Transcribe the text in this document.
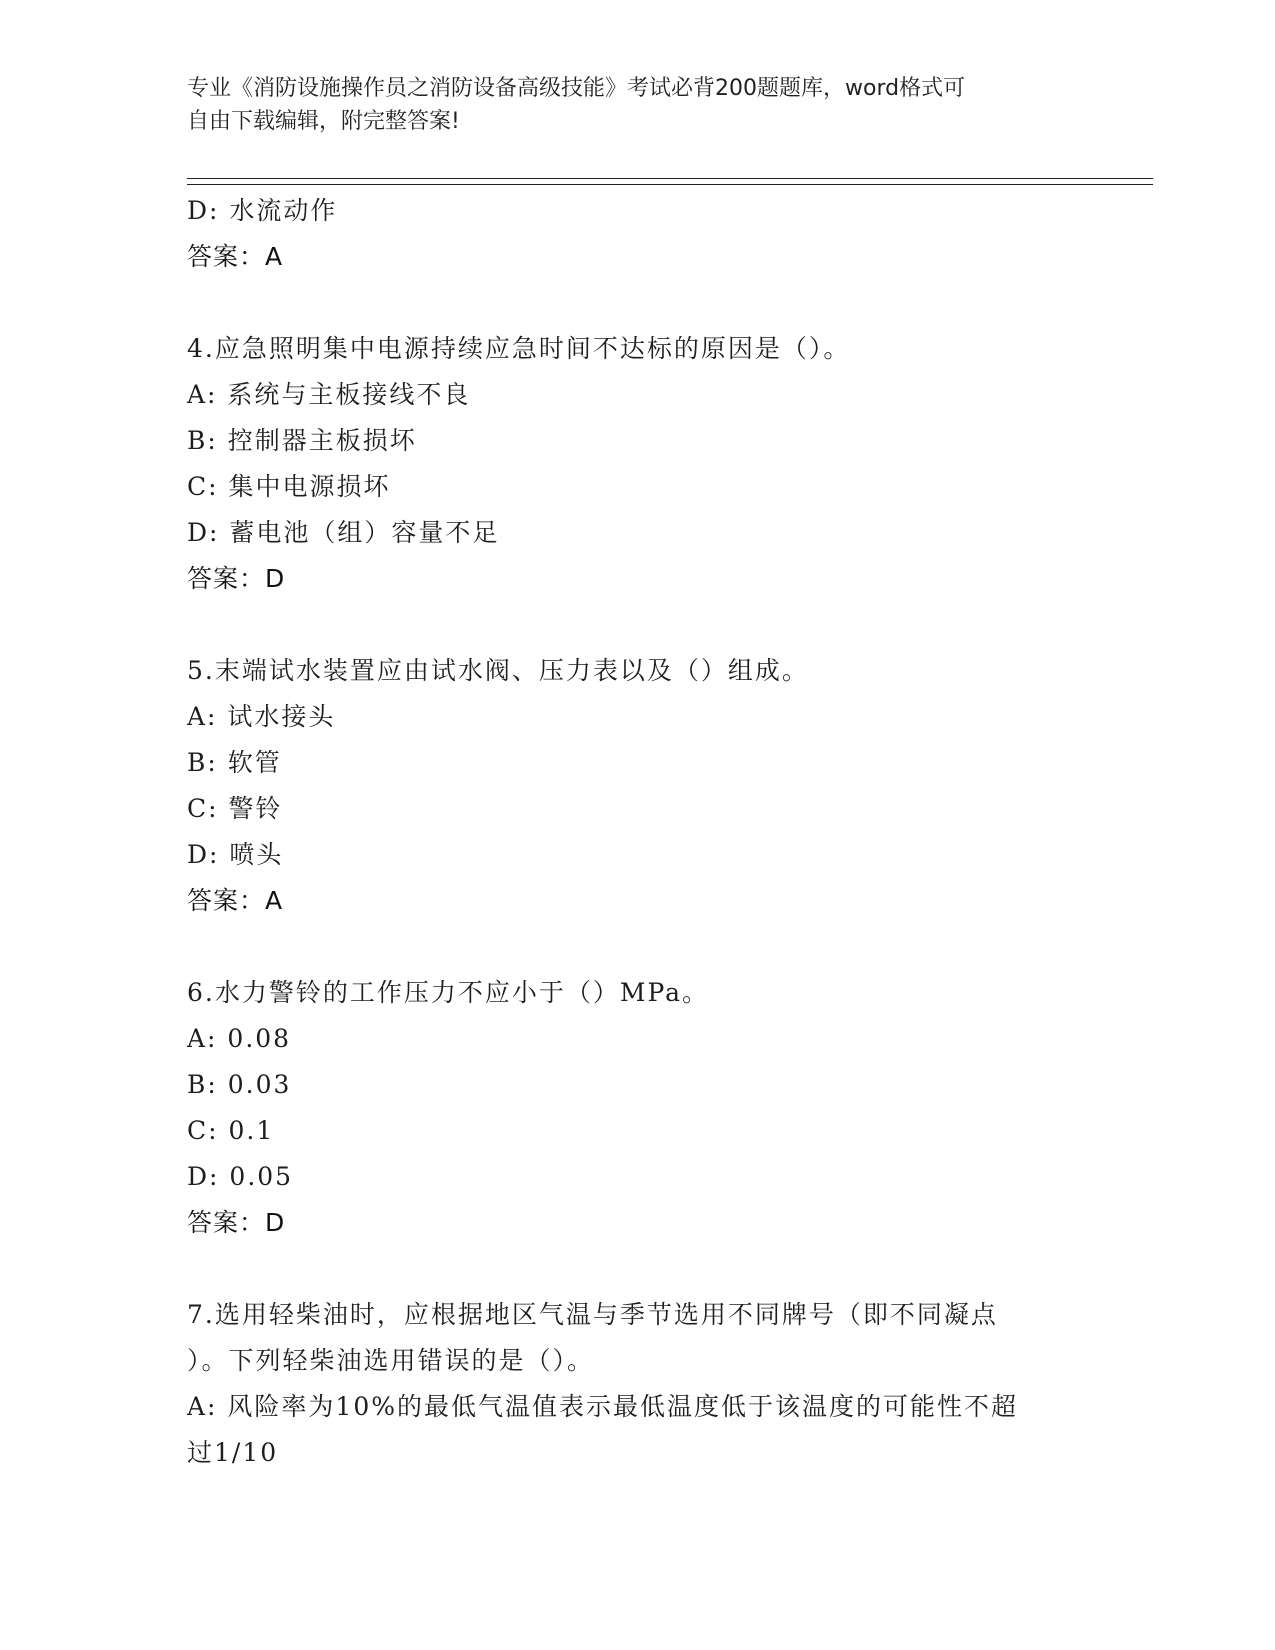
专业《消防设施操作员之消防设备高级技能》考试必背200题题库，word格式可
自由下载编辑，附完整答案!
D: 水流动作
答案：A
4.应急照明集中电源持续应急时间不达标的原因是（）。
A: 系统与主板接线不良
B: 控制器主板损坏
C: 集中电源损坏
D: 蓄电池（组）容量不足
答案：D
5.末端试水装置应由试水阀、压力表以及（）组成。
A: 试水接头
B: 软管
C: 警铃
D: 喷头
答案：A
6.水力警铃的工作压力不应小于（）MPa。
A: 0.08
B: 0.03
C: 0.1
D: 0.05
答案：D
7.选用轻柴油时，应根据地区气温与季节选用不同牌号（即不同凝点
）。下列轻柴油选用错误的是（）。
A: 风险率为10%的最低气温值表示最低温度低于该温度的可能性不超
过1/10
